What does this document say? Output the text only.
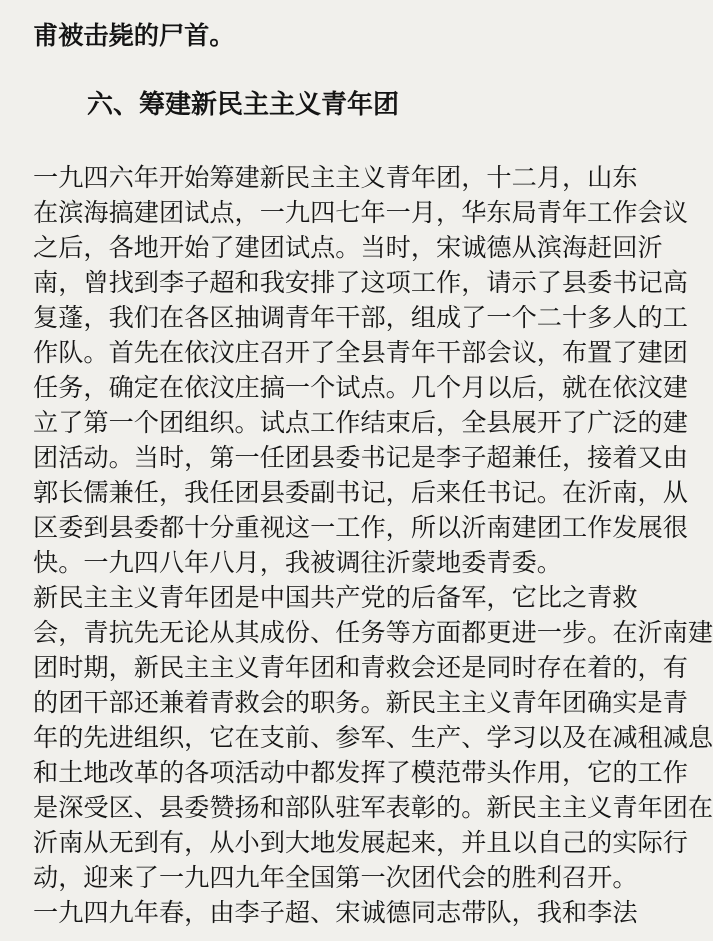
甫被击毙的尸首。
六、筹建新民主主义青年团
一九四六年开始筹建新民主主义青年团，十二月，山东
在滨海搞建团试点，一九四七年一月，华东局青年工作会议
之后，各地开始了建团试点。当时，宋诚德从滨海赶回沂
南，曾找到李子超和我安排了这项工作，请示了县委书记高
复蓬，我们在各区抽调青年干部，组成了一个二十多人的工
作队。首先在依汶庄召开了全县青年干部会议，布置了建团
任务，确定在依汶庄搞一个试点。几个月以后，就在依汶建
立了第一个团组织。试点工作结束后，全县展开了广泛的建
团活动。当时，第一任团县委书记是李子超兼任，接着又由
郭长儒兼任，我任团县委副书记，后来任书记。在沂南，从
区委到县委都十分重视这一工作，所以沂南建团工作发展很
快。一九四八年八月，我被调往沂蒙地委青委。
新民主主义青年团是中国共产党的后备军，它比之青救
会，青抗先无论从其成份、任务等方面都更进一步。在沂南建
团时期，新民主主义青年团和青救会还是同时存在着的，有
的团干部还兼着青救会的职务。新民主主义青年团确实是青
年的先进组织，它在支前、参军、生产、学习以及在减租减息
和土地改革的各项活动中都发挥了模范带头作用，它的工作
是深受区、县委赞扬和部队驻军表彰的。新民主主义青年团在
沂南从无到有，从小到大地发展起来，并且以自己的实际行
动，迎来了一九四九年全国第一次团代会的胜利召开。
一九四九年春，由李子超、宋诚德同志带队，我和李法
